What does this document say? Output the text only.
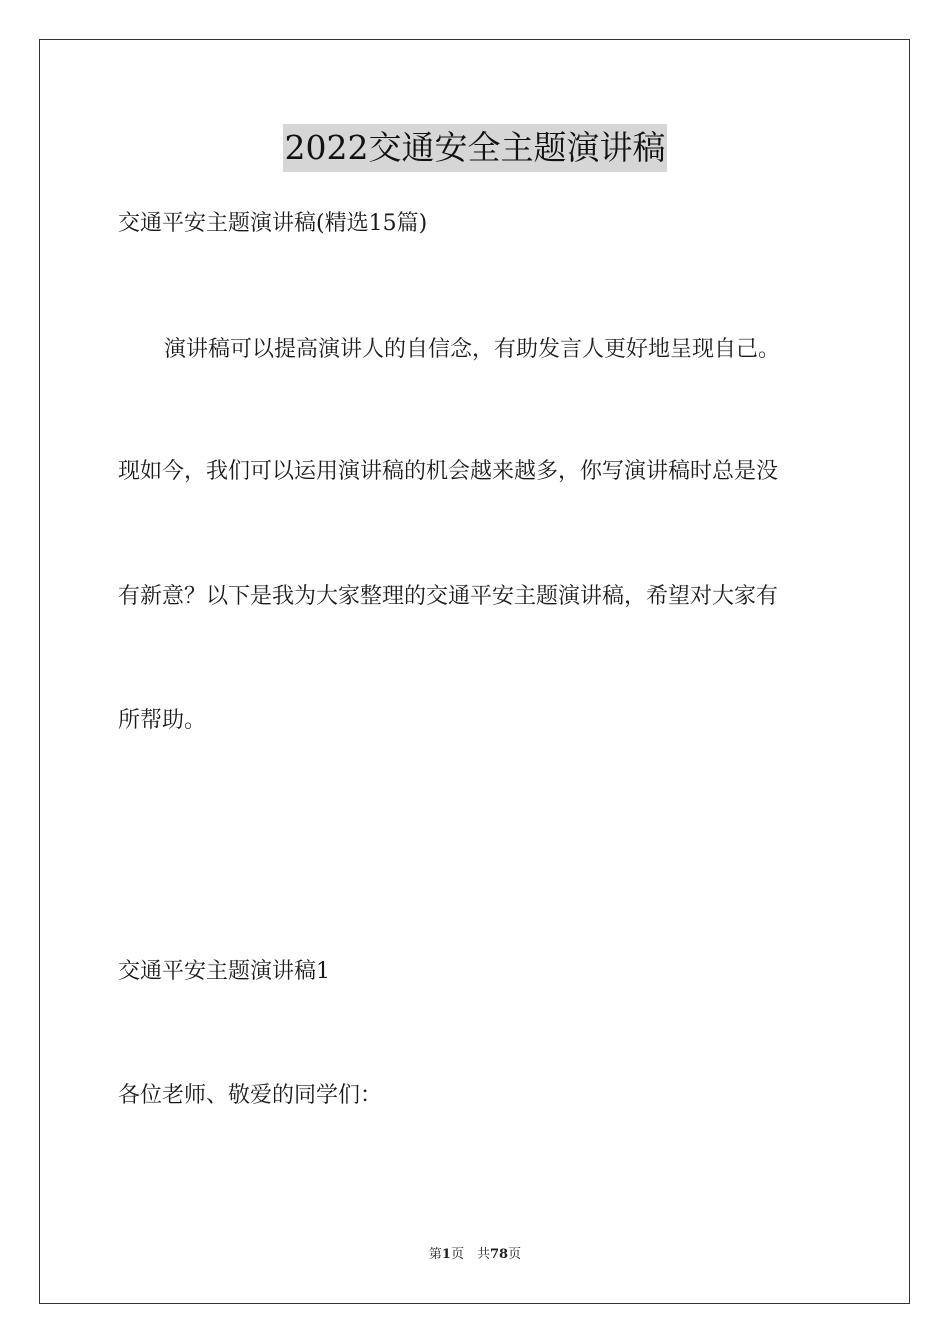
2022交通安全主题演讲稿
交通平安主题演讲稿(精选15篇)
演讲稿可以提高演讲人的自信念，有助发言人更好地呈现自己。
现如今，我们可以运用演讲稿的机会越来越多，你写演讲稿时总是没
有新意？以下是我为大家整理的交通平安主题演讲稿，希望对大家有
所帮助。
交通平安主题演讲稿1
各位老师、敬爱的同学们：
第1页　共78页
